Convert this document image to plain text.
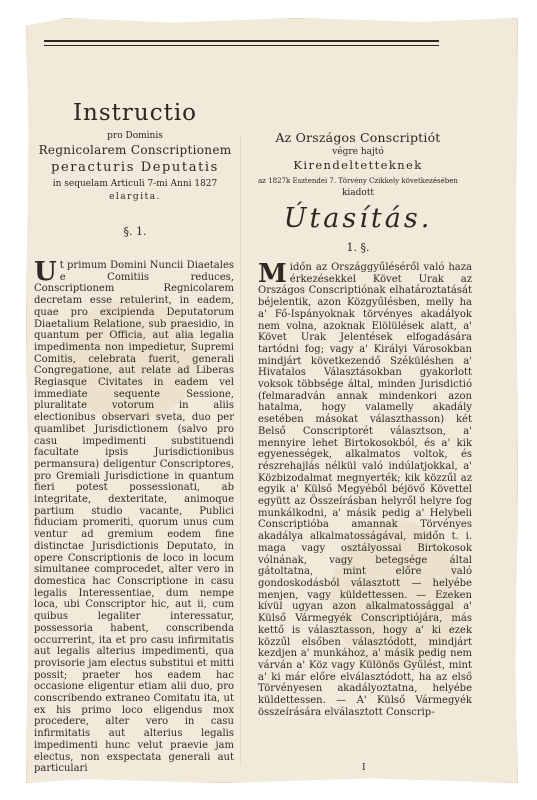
Instructio
pro Dominis
Regnicolarem Conscriptionem
peracturis Deputatis
in sequelam Articuli 7-mi Anni 1827
elargita.
§. 1.
Ut primum Domini Nuncii Diaetales e Comitiis reduces, Conscriptionem Regnicolarem decretam esse retulerint, in eadem, quae pro excipienda Deputatorum Diaetalium Relatione, sub praesidio, in quantum per Officia, aut alia legalia impedimenta non impedietur, Supremi Comitis, celebrata fuerit, generali Congregatione, aut relate ad Liberas Regiasque Civitates in eadem vel immediate sequente Sessione, pluralitate votorum in aliis electionibus observari sveta, duo per quamlibet Jurisdictionem (salvo pro casu impedimenti substituendi facultate ipsis Jurisdictionibus permansura) deligentur Conscriptores, pro Gremiali Jurisdictione in quantum fieri potest possessionati, ab integritate, dexteritate, animoque partium studio vacante, Publici fiduciam promeriti, quorum unus cum ventur ad gremium eodem fine distinctae Jurisdictionis Deputato, in opere Conscriptionis de loco in locum simultanee comprocedet, alter vero in domestica hac Conscriptione in casu legalis Interessentiae, dum nempe loca, ubi Conscriptor hic, aut ii, cum quibus legaliter interessatur, possessoria habent, conscribenda occurrerint, ita et pro casu infirmitatis aut legalis alterius impedimenti, qua provisorie jam electus substitui et mitti possit; praeter hos eadem hac occasione eligentur etiam alii duo, pro conscribendo extraneo Comitatu ita, ut ex his primo loco eligendus mox procedere, alter vero in casu infirmitatis aut alterius legalis impedimenti hunc velut praevie jam electus, non exspectata generali aut particulari
Az Országos Conscriptiót
végre hajtó
Kirendeltetteknek
az 1827k Esztendei 7. Törvény Czikkely következésében
kiadott
Útasítás.
1. §.
Midőn az Országgyűléséről való haza érkezésekkel Követ Urak az Országos Conscriptiónak elhatároztatását béjelentik, azon Közgyűlésben, melly ha a' Fő-Ispányoknak törvényes akadályok nem volna, azoknak Elölülések alatt, a' Követ Urak Jelentések elfogadására tartódni fog; vagy a' Királyi Városokban mindjárt következendő Széküléshen a' Hivatalos Választásokban gyakorlott voksok többsége által, minden Jurisdictió (felmaradván annak mindenkori azon hatalma, hogy valamelly akadály esetében másokat választhasson) két Belső Conscriptorét választson, a' mennyire lehet Birtokosokból, és a' kik egyenességek, alkalmatos voltok, és részrehajlás nélkül való indúlatjokkal, a' Közbizodalmat megnyerték; kik közzűl az egyik a' Külső Megyéből béjövő Követtel együtt az Összeírásban helyről helyre fog munkálkodni, a' másik pedig a' Helybeli Conscriptióba amannak Törvényes akadálya alkalmatosságával, midőn t. i. maga vagy osztályossai Birtokosok vólnának, vagy betegsége által gátoltatna, mint előre való gondoskodásból választott — helyébe menjen, vagy küldettessen. — Ezeken kívül ugyan azon alkalmatossággal a' Külső Vármegyék Conscriptiójára, más kettő is választasson, hogy a' ki ezek közzűl elsőben választódott, mindjárt kezdjen a' munkához, a' másik pedig nem várván a' Köz vagy Különös Gyűlést, mint a' ki már előre elválasztódott, ha az első Törvényesen akadályoztatna, helyébe küldettessen. — A' Külső Vármegyék összeírására elválasztott Conscrip-
I
